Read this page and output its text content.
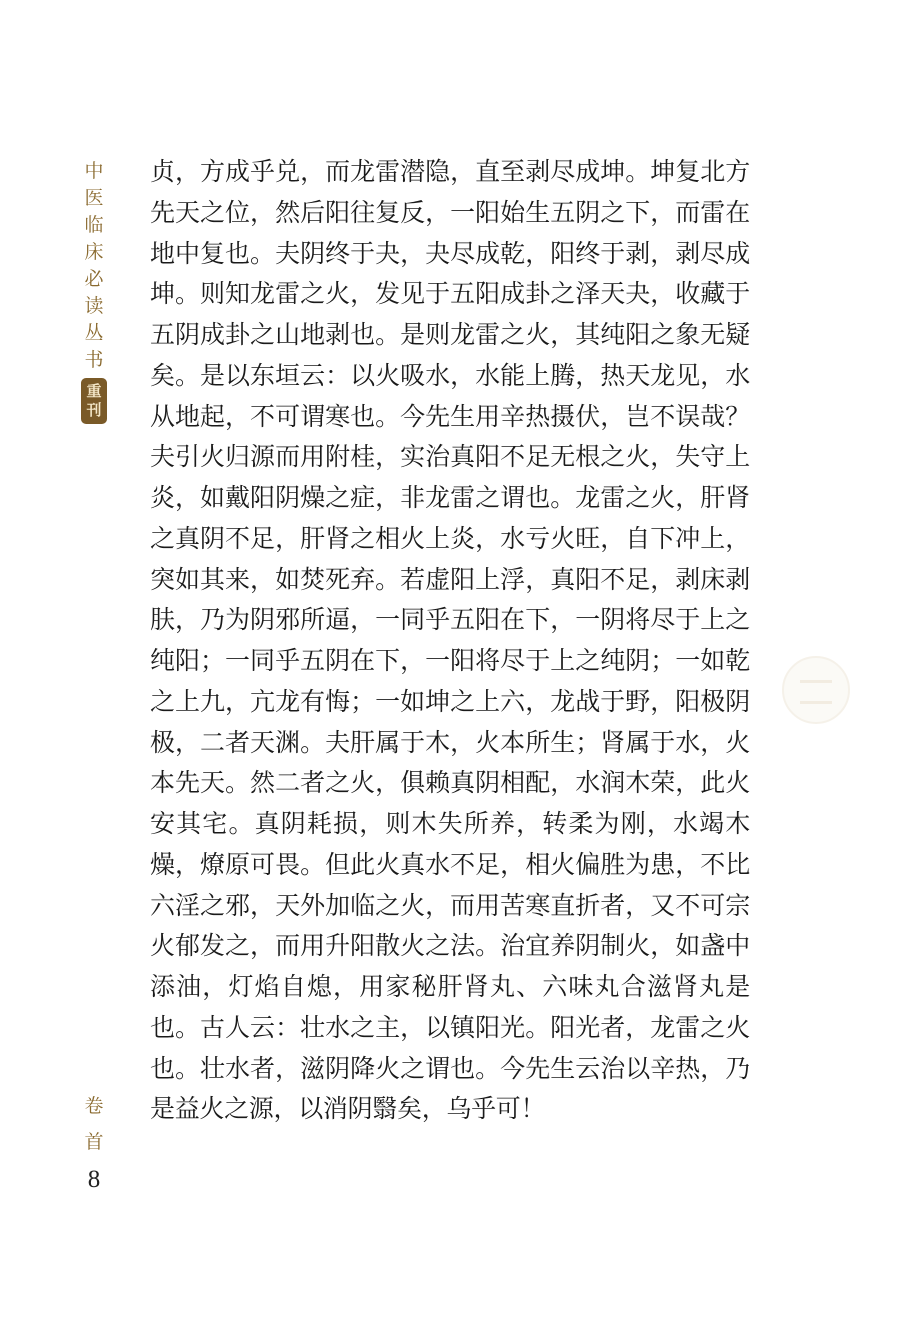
中
医
临
床
必
读
丛
书
重
刊

贞，方成乎兑，而龙雷潜隐，直至剥尽成坤。坤复北方先天之位，然后阳往复反，一阳始生五阴之下，而雷在地中复也。夫阴终于夬，夬尽成乾，阳终于剥，剥尽成坤。则知龙雷之火，发见于五阳成卦之泽天夬，收藏于五阴成卦之山地剥也。是则龙雷之火，其纯阳之象无疑矣。是以东垣云：以火吸水，水能上腾，热天龙见，水从地起，不可谓寒也。今先生用辛热摄伏，岂不误哉？夫引火归源而用附桂，实治真阳不足无根之火，失守上炎，如戴阳阴燥之症，非龙雷之谓也。龙雷之火，肝肾之真阴不足，肝肾之相火上炎，水亏火旺，自下冲上，突如其来，如焚死弃。若虚阳上浮，真阳不足，剥床剥肤，乃为阴邪所逼，一同乎五阳在下，一阴将尽于上之纯阳；一同乎五阴在下，一阳将尽于上之纯阴；一如乾之上九，亢龙有悔；一如坤之上六，龙战于野，阳极阴极，二者天渊。夫肝属于木，火本所生；肾属于水，火本先天。然二者之火，俱赖真阴相配，水润木荣，此火安其宅。真阴耗损，则木失所养，转柔为刚，水竭木燥，燎原可畏。但此火真水不足，相火偏胜为患，不比六淫之邪，天外加临之火，而用苦寒直折者，又不可宗火郁发之，而用升阳散火之法。治宜养阴制火，如盏中添油，灯焰自熄，用家秘肝肾丸、六味丸合滋肾丸是也。古人云：壮水之主，以镇阳光。阳光者，龙雷之火也。壮水者，滋阴降火之谓也。今先生云治以辛热，乃是益火之源，以消阴翳矣，乌乎可！

卷
首
8
